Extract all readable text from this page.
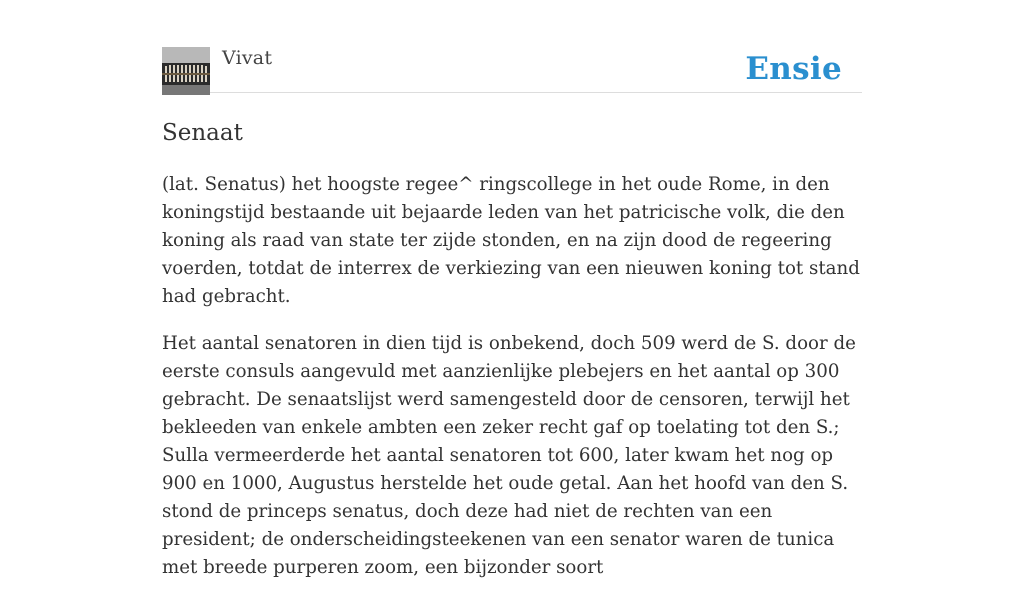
Vivat	Ensie
Senaat

(lat. Senatus) het hoogste regee^ ringscollege in het oude Rome, in den koningstijd bestaande uit bejaarde leden van het patricische volk, die den koning als raad van state ter zijde stonden, en na zijn dood de regeering voerden, totdat de interrex de verkiezing van een nieuwen koning tot stand had gebracht.

Het aantal senatoren in dien tijd is onbekend, doch 509 werd de S. door de eerste consuls aangevuld met aanzienlijke plebejers en het aantal op 300 gebracht. De senaatslijst werd samengesteld door de censoren, terwijl het bekleeden van enkele ambten een zeker recht gaf op toelating tot den S.; Sulla vermeerderde het aantal senatoren tot 600, later kwam het nog op 900 en 1000, Augustus herstelde het oude getal. Aan het hoofd van den S. stond de princeps senatus, doch deze had niet de rechten van een president; de onderscheidingsteekenen van een senator waren de tunica met breede purperen zoom, een bijzonder soort
